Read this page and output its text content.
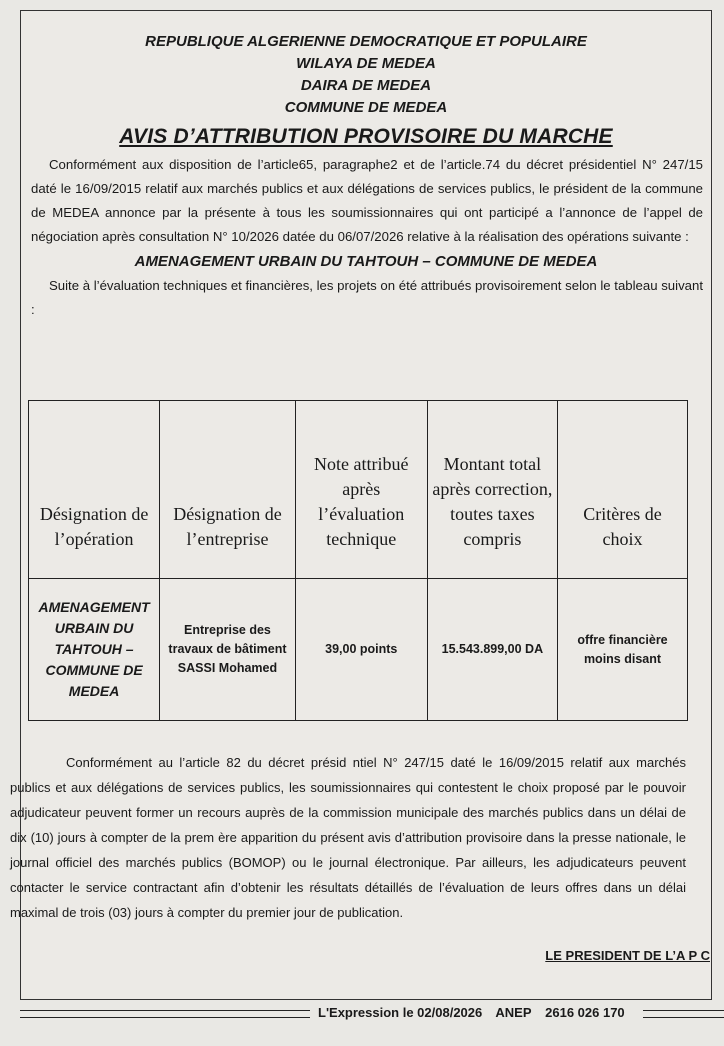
REPUBLIQUE ALGERIENNE DEMOCRATIQUE ET POPULAIRE
WILAYA DE MEDEA
DAIRA DE MEDEA
COMMUNE DE MEDEA
AVIS D’ATTRIBUTION PROVISOIRE DU MARCHE
Conformément aux disposition de l’article65, paragraphe2 et de l’article.74 du décret présidentiel N° 247/15 daté le 16/09/2015 relatif aux marchés publics et aux délégations de services publics, le président de la commune de MEDEA annonce par la présente à tous les soumissionnaires qui ont participé a l’annonce de l’appel de négociation après consultation N° 10/2026 datée du 06/07/2026 relative à la réalisation des opérations suivante :
AMENAGEMENT URBAIN DU TAHTOUH – COMMUNE DE MEDEA
Suite à l’évaluation techniques et financières, les projets on été attribués provisoirement selon le tableau suivant :
Désignation de l’opération	Désignation de l’entreprise	Note attribué après l’évaluation technique	Montant total après correction, toutes taxes compris	Critères de choix
AMENAGEMENT URBAIN DU TAHTOUH – COMMUNE DE MEDEA	Entreprise des travaux de bâtiment SASSI Mohamed	39,00 points	15.543.899,00 DA	offre financière moins disant
Conformément au l’article 82 du décret présid ntiel N° 247/15 daté le 16/09/2015 relatif aux marchés publics et aux délégations de services publics, les soumissionnaires qui contestent le choix proposé par le pouvoir adjudicateur peuvent former un recours auprès de la commission municipale des marchés publics dans un délai de dix (10) jours à compter de la prem ère apparition du présent avis d’attribution provisoire dans la presse nationale, le journal officiel des marchés publics (BOMOP) ou le journal électronique. Par ailleurs, les adjudicateurs peuvent contacter le service contractant afin d’obtenir les résultats détaillés de l’évaluation de leurs offres dans un délai maximal de trois (03) jours à compter du premier jour de publication.
LE PRESIDENT DE L’A P C
L'Expression le 02/08/2026 ANEP 2616 026 170
